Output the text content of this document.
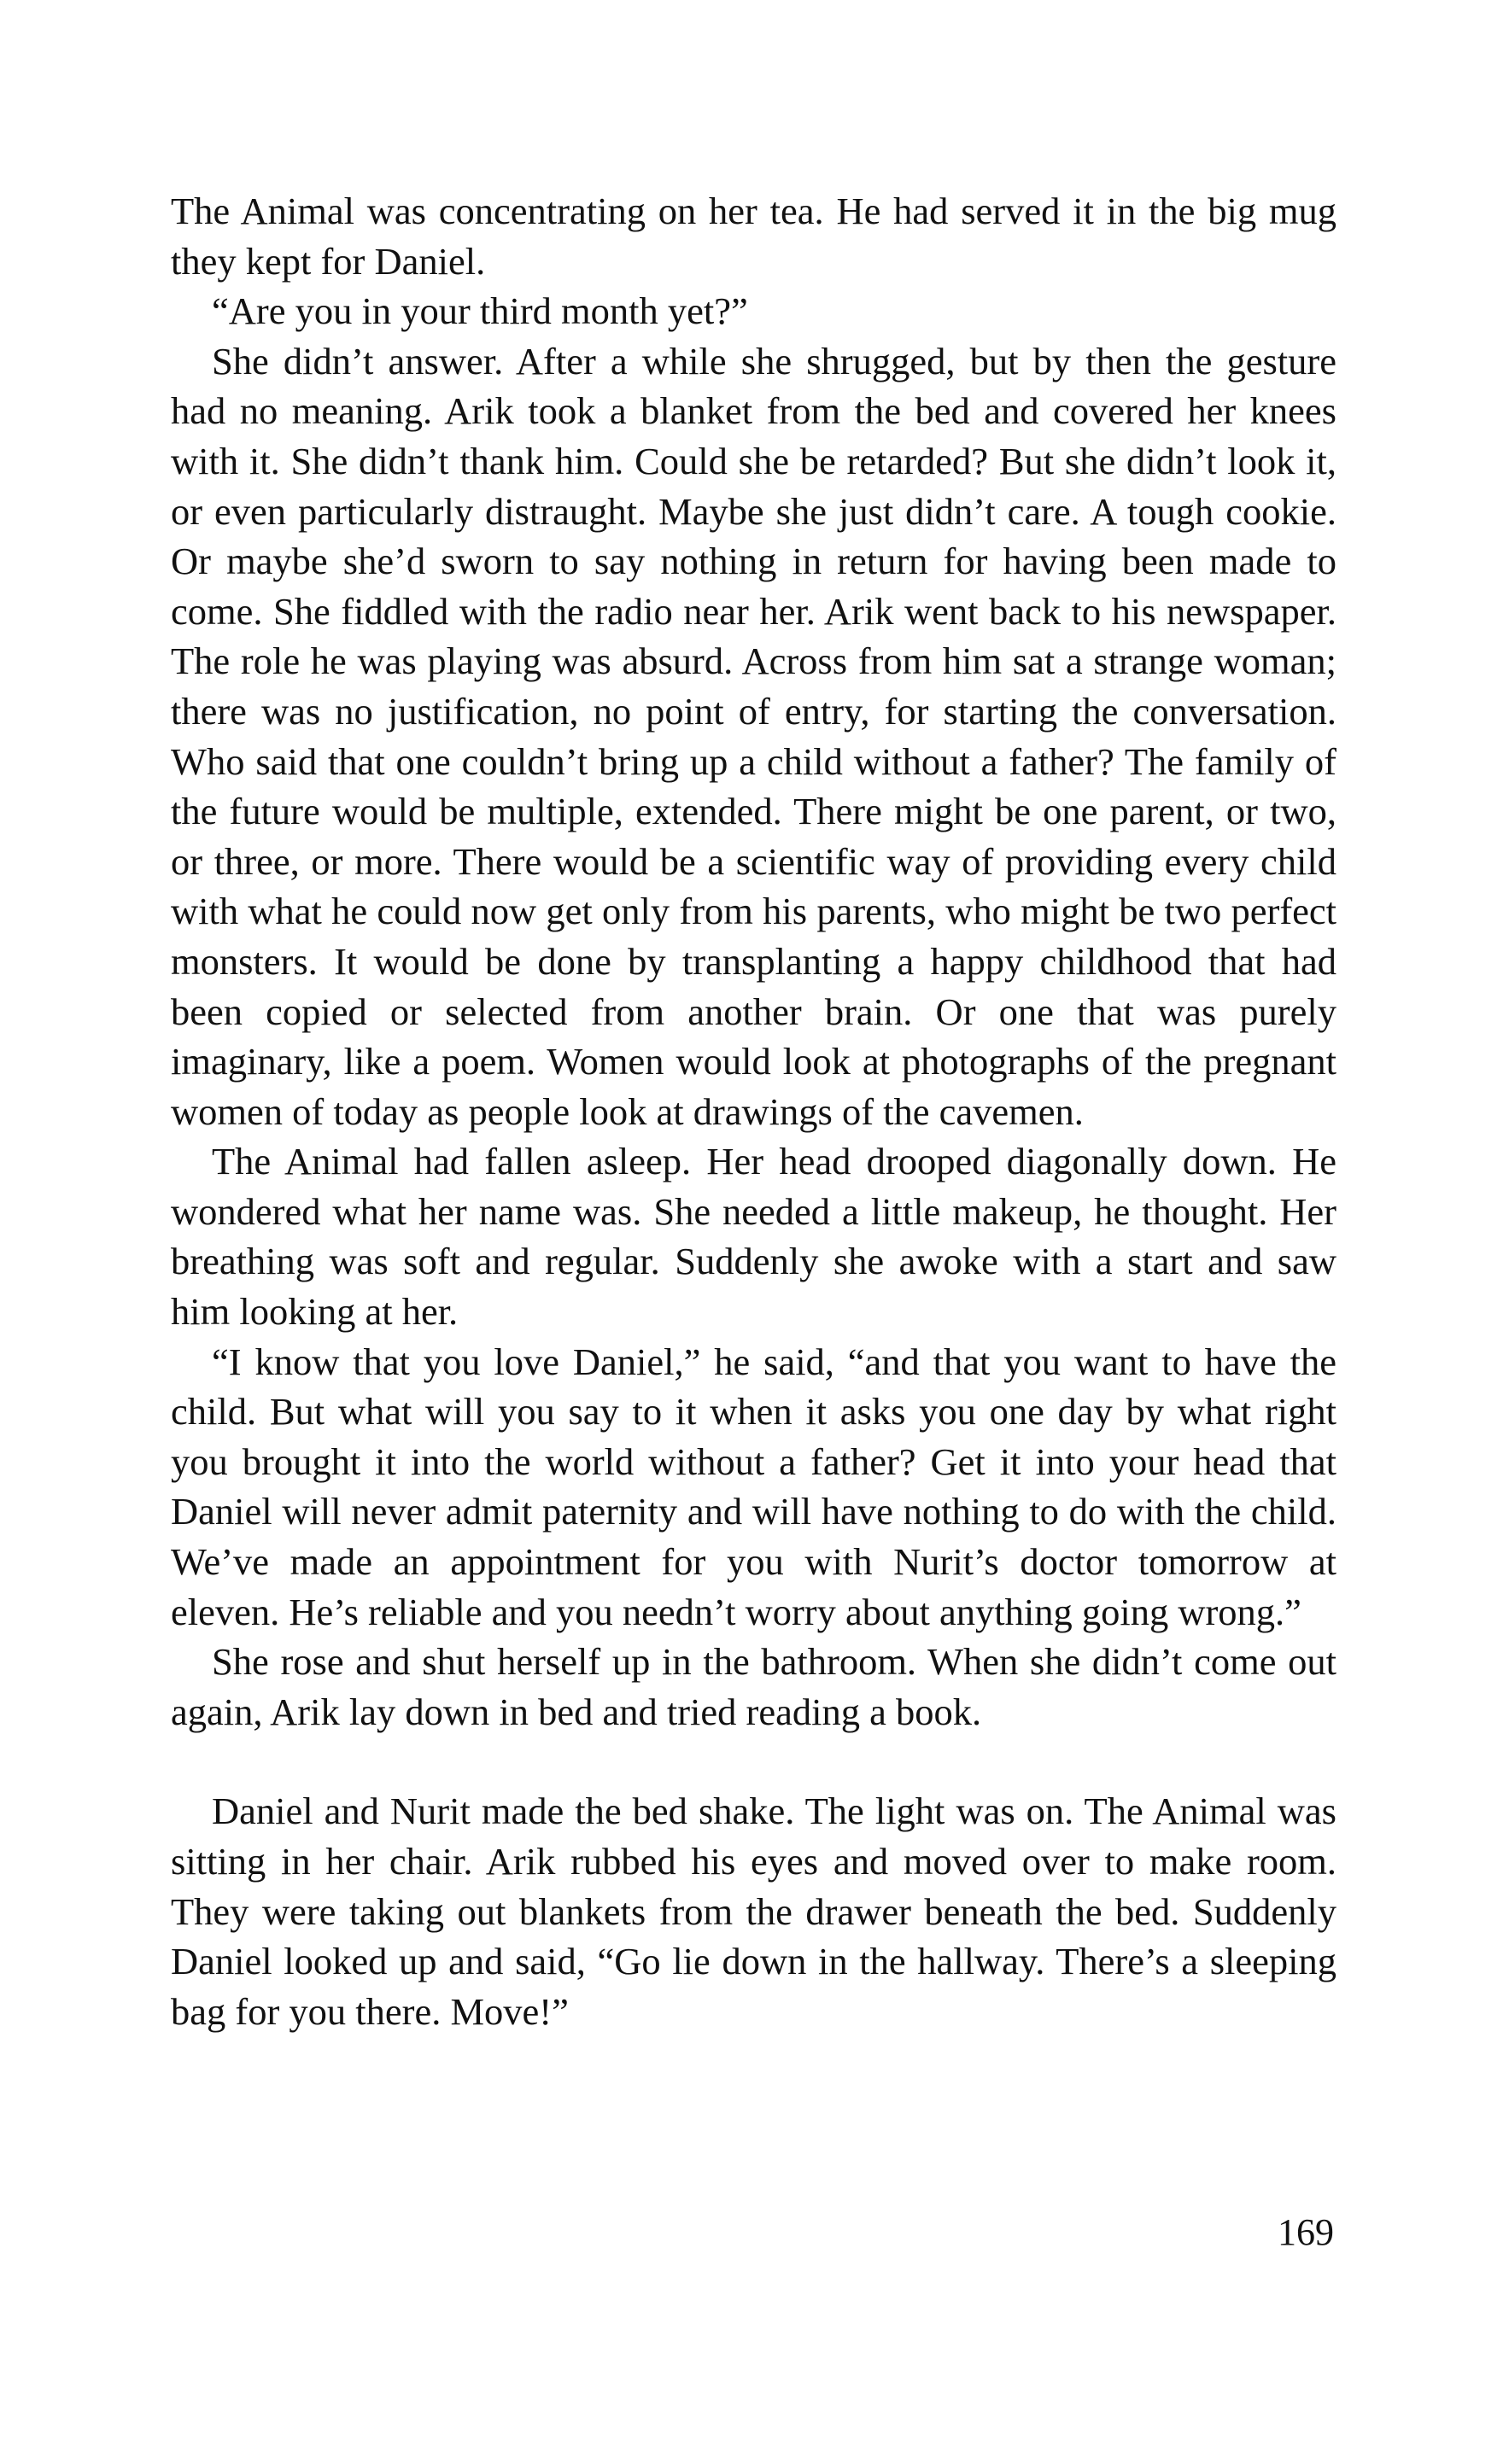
The Animal was concentrating on her tea. He had served it in the big mug they kept for Daniel.

“Are you in your third month yet?”

She didn’t answer. After a while she shrugged, but by then the gesture had no meaning. Arik took a blanket from the bed and covered her knees with it. She didn’t thank him. Could she be retarded? But she didn’t look it, or even particularly distraught. Maybe she just didn’t care. A tough cookie. Or maybe she’d sworn to say nothing in return for having been made to come. She fiddled with the radio near her. Arik went back to his newspaper. The role he was playing was absurd. Across from him sat a strange woman; there was no justification, no point of entry, for starting the conversation. Who said that one couldn’t bring up a child without a father? The family of the future would be multiple, extended. There might be one parent, or two, or three, or more. There would be a scientific way of providing every child with what he could now get only from his parents, who might be two perfect monsters. It would be done by transplanting a happy childhood that had been copied or selected from another brain. Or one that was purely imaginary, like a poem. Women would look at photographs of the pregnant women of today as people look at drawings of the cavemen.

The Animal had fallen asleep. Her head drooped diagonally down. He wondered what her name was. She needed a little makeup, he thought. Her breathing was soft and regular. Suddenly she awoke with a start and saw him looking at her.

“I know that you love Daniel,” he said, “and that you want to have the child. But what will you say to it when it asks you one day by what right you brought it into the world without a father? Get it into your head that Daniel will never admit paternity and will have nothing to do with the child. We’ve made an appointment for you with Nurit’s doctor tomorrow at eleven. He’s reliable and you needn’t worry about anything going wrong.”

She rose and shut herself up in the bathroom. When she didn’t come out again, Arik lay down in bed and tried reading a book.

Daniel and Nurit made the bed shake. The light was on. The Animal was sitting in her chair. Arik rubbed his eyes and moved over to make room. They were taking out blankets from the drawer beneath the bed. Suddenly Daniel looked up and said, “Go lie down in the hallway. There’s a sleeping bag for you there. Move!”

169
